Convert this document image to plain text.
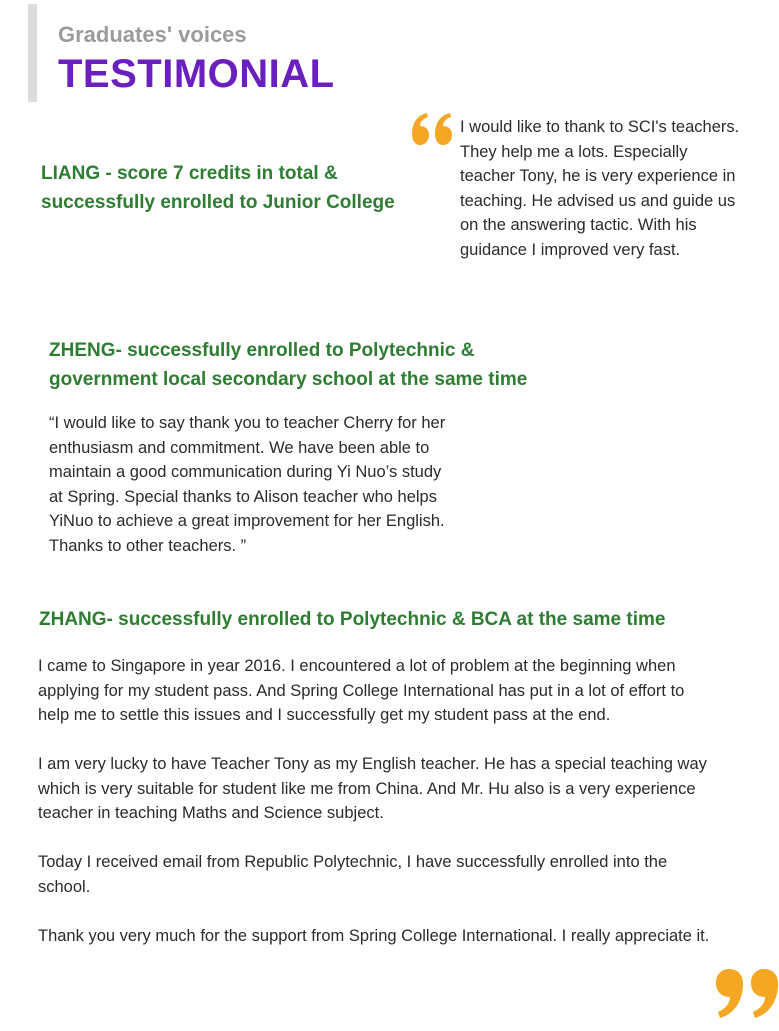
Graduates' voices
TESTIMONIAL
LIANG - score 7 credits in total & successfully enrolled to Junior College
I would like to thank to SCI's teachers.
They help me a lots. Especially
teacher Tony, he is very experience in
teaching. He advised us and guide us
on the answering tactic. With his
guidance I improved very fast.
ZHENG- successfully enrolled to Polytechnic &
government local secondary school at the same time
“I would like to say thank you to teacher Cherry for her
enthusiasm and commitment. We have been able to
maintain a good communication during Yi Nuo’s study
at Spring. Special thanks to Alison teacher who helps
YiNuo to achieve a great improvement for her English.
Thanks to other teachers. ”
ZHANG- successfully enrolled to Polytechnic & BCA at the same time
I came to Singapore in year 2016. I encountered a lot of problem at the beginning when
applying for my student pass. And Spring College International has put in a lot of effort to
help me to settle this issues and I successfully get my student pass at the end.
I am very lucky to have Teacher Tony as my English teacher. He has a special teaching way
which is very suitable for student like me from China. And Mr. Hu also is a very experience
teacher in teaching Maths and Science subject.
Today I received email from Republic Polytechnic, I have successfully enrolled into the
school.
Thank you very much for the support from Spring College International. I really appreciate it.
